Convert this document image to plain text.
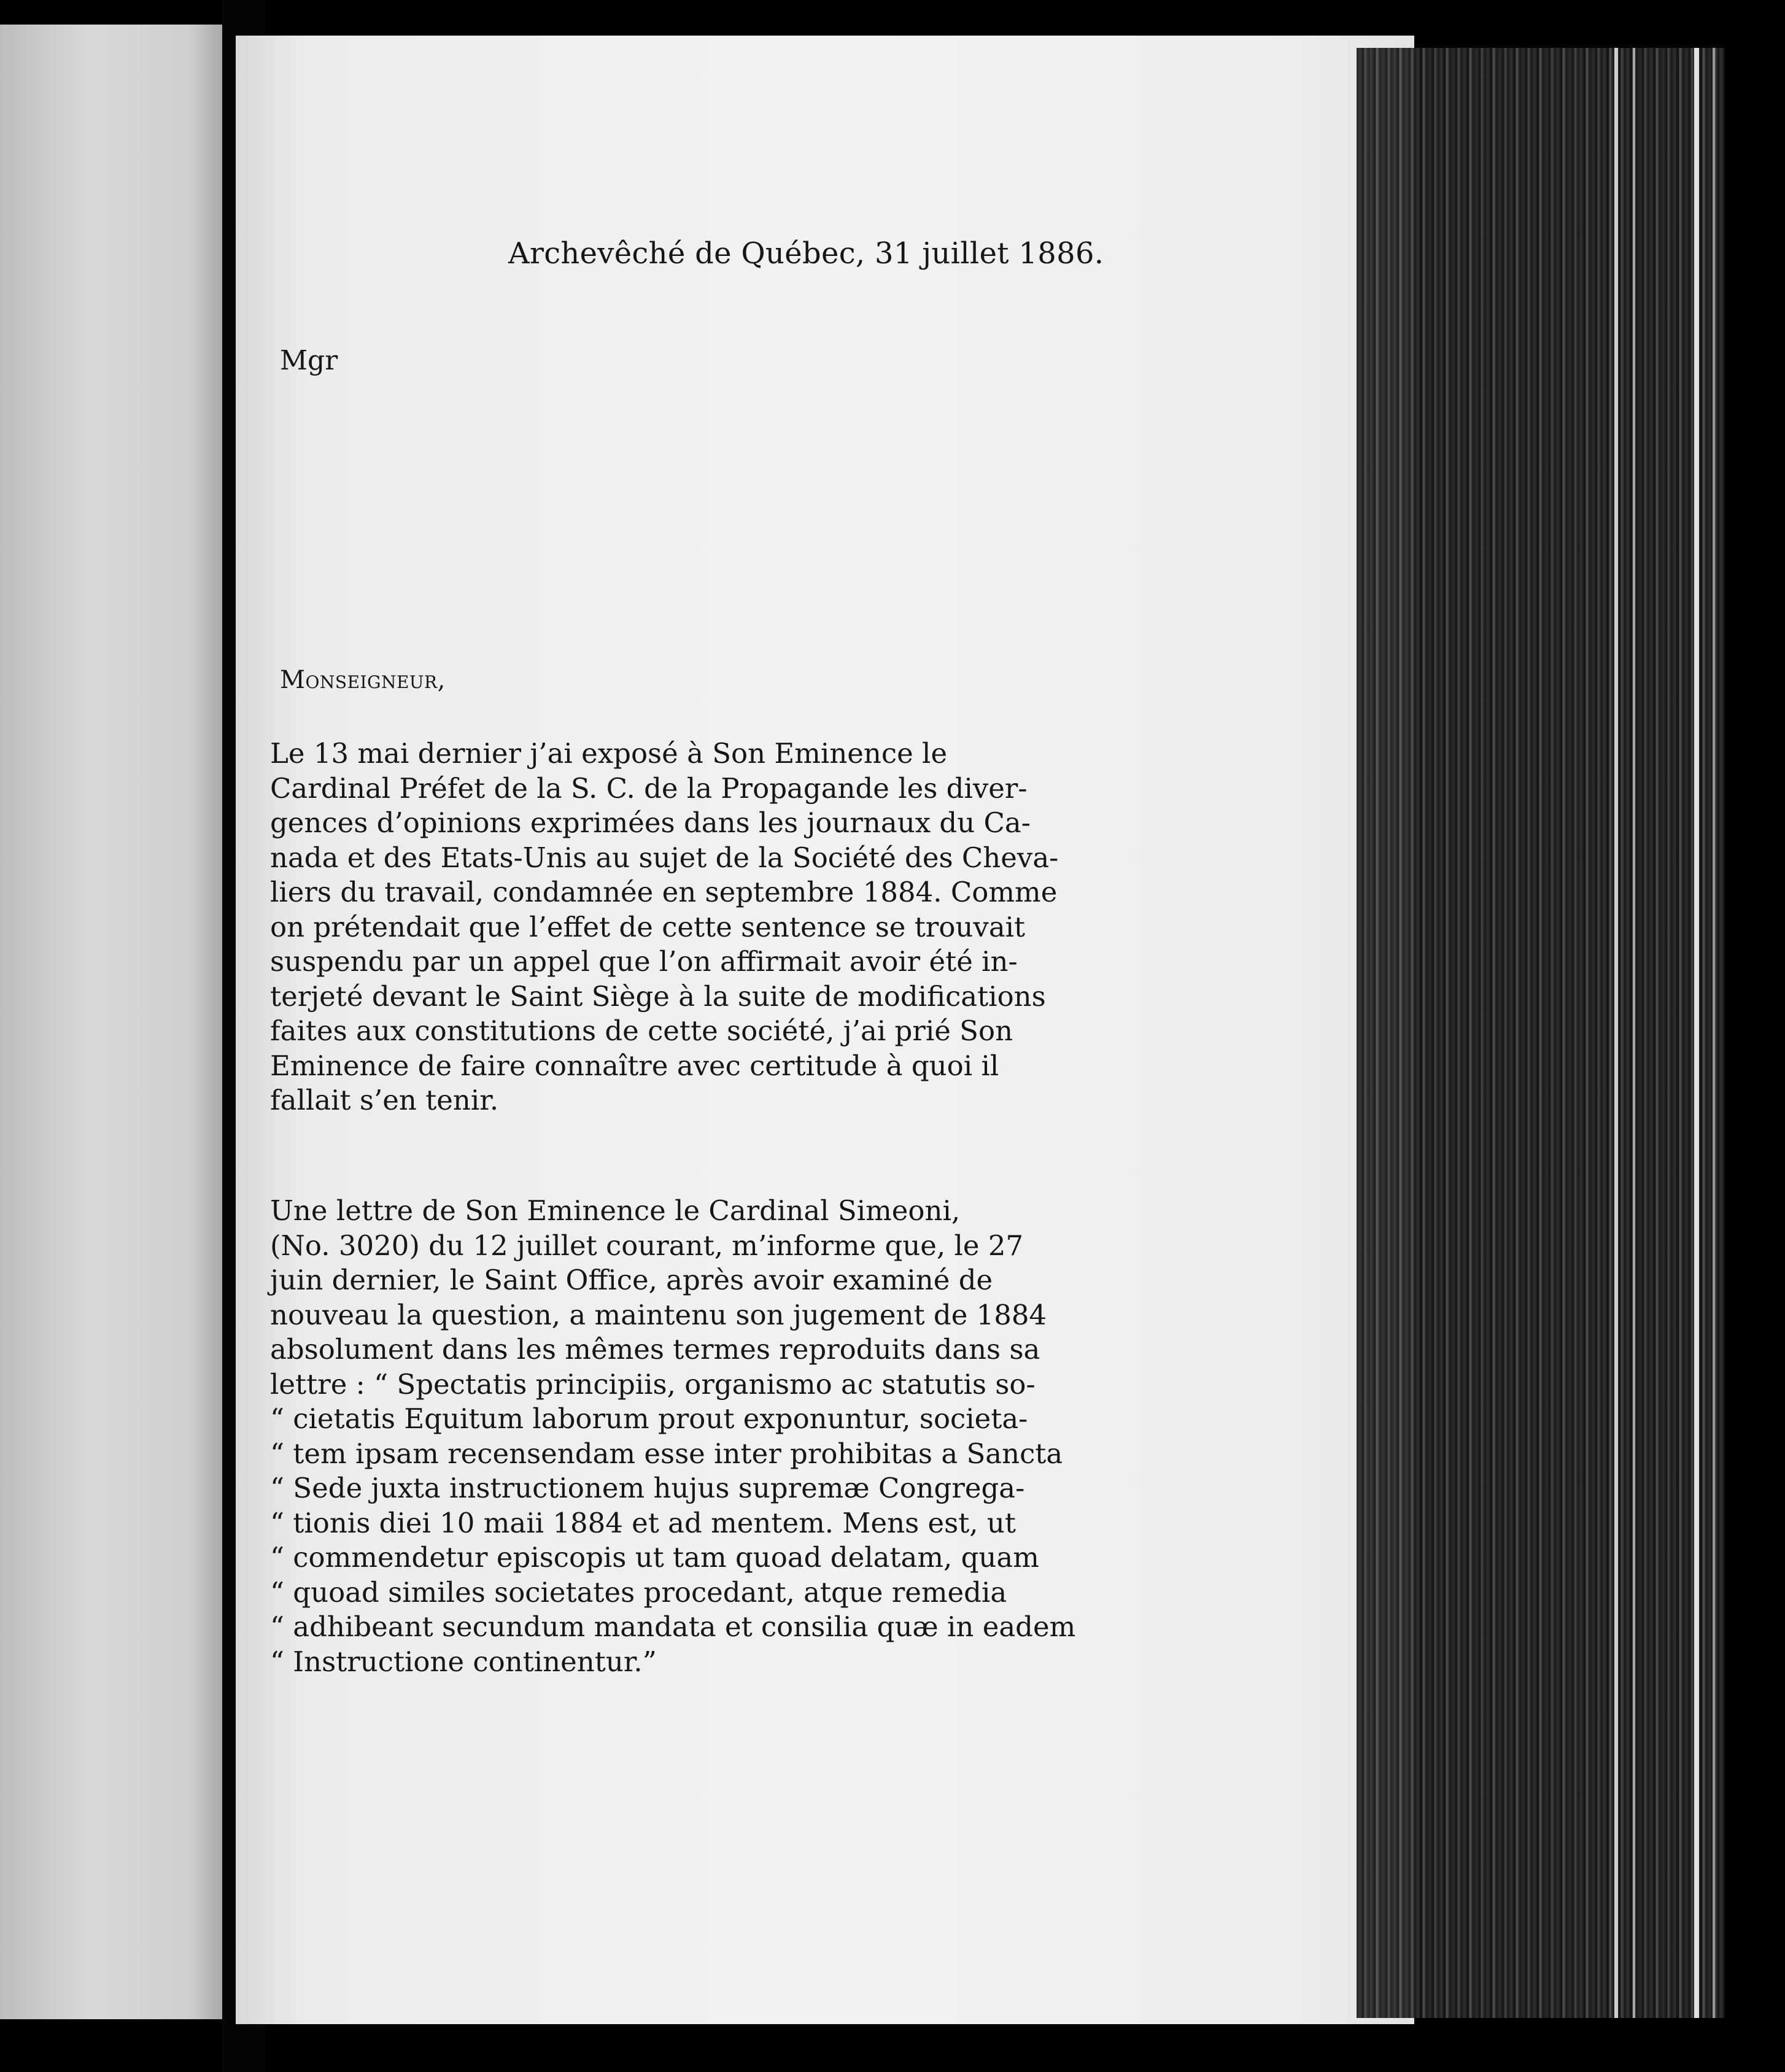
Archevêché de Québec, 31 juillet 1886.
Mgr
Monseigneur,
Le 13 mai dernier j’ai exposé à Son Eminence le
Cardinal Préfet de la S. C. de la Propagande les diver-
gences d’opinions exprimées dans les journaux du Ca-
nada et des Etats-Unis au sujet de la Société des Cheva-
liers du travail, condamnée en septembre 1884. Comme
on prétendait que l’effet de cette sentence se trouvait
suspendu par un appel que l’on affirmait avoir été in-
terjeté devant le Saint Siège à la suite de modifications
faites aux constitutions de cette société, j’ai prié Son
Eminence de faire connaître avec certitude à quoi il
fallait s’en tenir.
Une lettre de Son Eminence le Cardinal Simeoni,
(No. 3020) du 12 juillet courant, m’informe que, le 27
juin dernier, le Saint Office, après avoir examiné de
nouveau la question, a maintenu son jugement de 1884
absolument dans les mêmes termes reproduits dans sa
lettre : “ Spectatis principiis, organismo ac statutis so-
“ cietatis Equitum laborum prout exponuntur, societa-
“ tem ipsam recensendam esse inter prohibitas a Sancta
“ Sede juxta instructionem hujus supremæ Congrega-
“ tionis diei 10 maii 1884 et ad mentem. Mens est, ut
“ commendetur episcopis ut tam quoad delatam, quam
“ quoad similes societates procedant, atque remedia
“ adhibeant secundum mandata et consilia quæ in eadem
“ Instructione continentur.”
